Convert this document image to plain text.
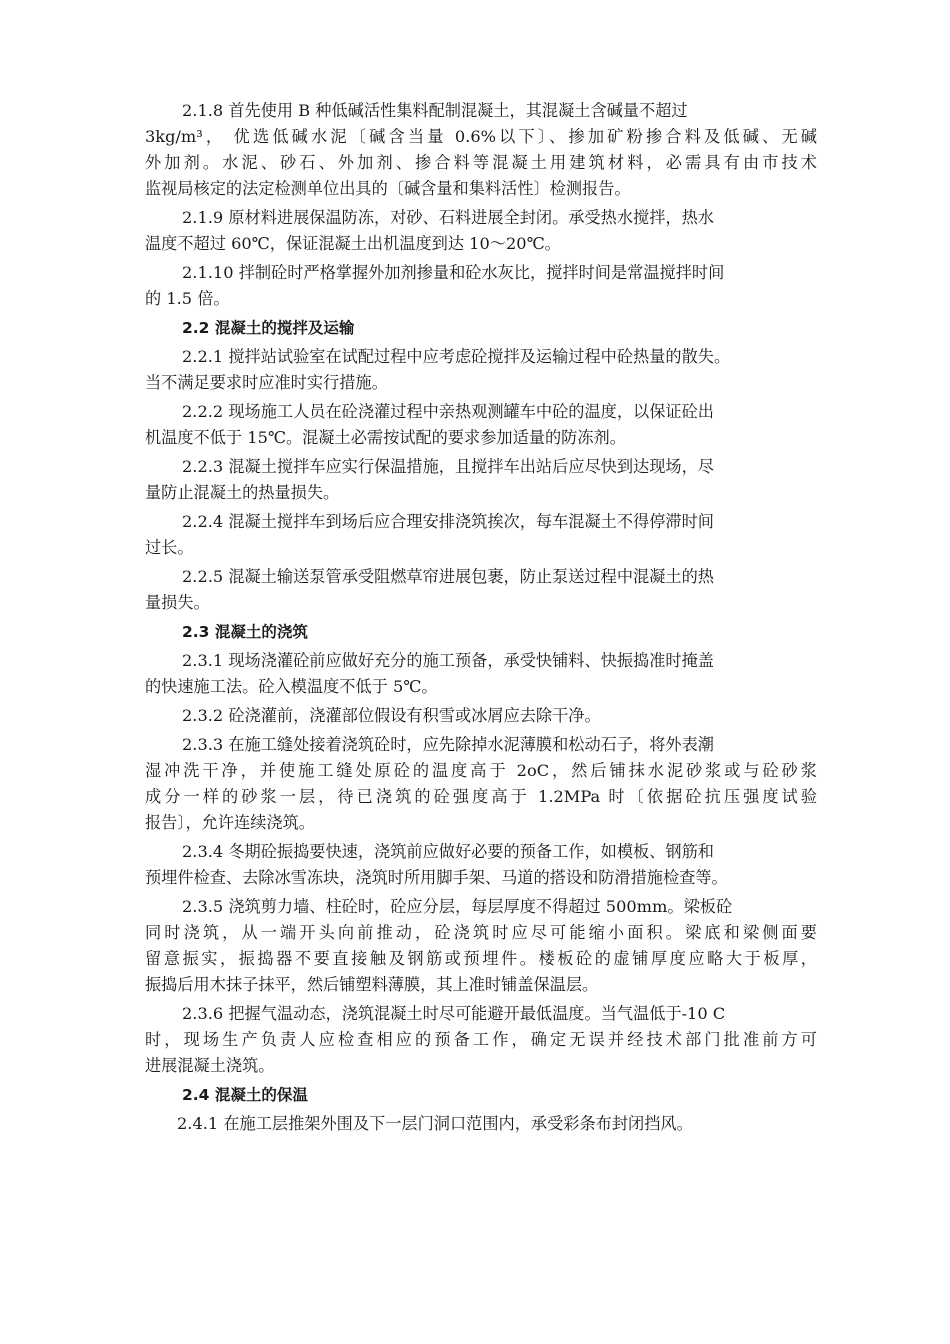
2.1.8 首先使用 B 种低碱活性集料配制混凝土，其混凝土含碱量不超过

3kg/m³， 优选低碱水泥〔碱含当量 0.6%以下〕、掺加矿粉掺合料及低碱、无碱

外加剂。水泥、砂石、外加剂、掺合料等混凝土用建筑材料，必需具有由市技术

监视局核定的法定检测单位出具的〔碱含量和集料活性〕检测报告。

2.1.9 原材料进展保温防冻，对砂、石料进展全封闭。承受热水搅拌，热水

温度不超过 60℃，保证混凝土出机温度到达 10～20℃。

2.1.10 拌制砼时严格掌握外加剂掺量和砼水灰比，搅拌时间是常温搅拌时间

的 1.5 倍。

2.2 混凝土的搅拌及运输

2.2.1 搅拌站试验室在试配过程中应考虑砼搅拌及运输过程中砼热量的散失。

当不满足要求时应准时实行措施。

2.2.2 现场施工人员在砼浇灌过程中亲热观测罐车中砼的温度，以保证砼出

机温度不低于 15℃。混凝土必需按试配的要求参加适量的防冻剂。

2.2.3 混凝土搅拌车应实行保温措施，且搅拌车出站后应尽快到达现场，尽

量防止混凝土的热量损失。

2.2.4 混凝土搅拌车到场后应合理安排浇筑挨次，每车混凝土不得停滞时间

过长。

2.2.5 混凝土输送泵管承受阻燃草帘进展包裹，防止泵送过程中混凝土的热

量损失。

2.3 混凝土的浇筑

2.3.1 现场浇灌砼前应做好充分的施工预备，承受快铺料、快振捣准时掩盖

的快速施工法。砼入模温度不低于 5℃。

2.3.2 砼浇灌前，浇灌部位假设有积雪或冰屑应去除干净。

2.3.3 在施工缝处接着浇筑砼时，应先除掉水泥薄膜和松动石子，将外表潮

湿冲洗干净，并使施工缝处原砼的温度高于 2oC，然后铺抹水泥砂浆或与砼砂浆

成分一样的砂浆一层，待已浇筑的砼强度高于 1.2MPa 时〔依据砼抗压强度试验

报告〕，允许连续浇筑。

2.3.4 冬期砼振捣要快速，浇筑前应做好必要的预备工作，如模板、钢筋和

预埋件检查、去除冰雪冻块，浇筑时所用脚手架、马道的搭设和防滑措施检查等。

2.3.5 浇筑剪力墙、柱砼时，砼应分层，每层厚度不得超过 500mm。梁板砼

同时浇筑，从一端开头向前推动，砼浇筑时应尽可能缩小面积。梁底和梁侧面要

留意振实，振捣器不要直接触及钢筋或预埋件。楼板砼的虚铺厚度应略大于板厚，

振捣后用木抹子抹平，然后铺塑料薄膜，其上准时铺盖保温层。

2.3.6 把握气温动态，浇筑混凝土时尽可能避开最低温度。当气温低于-10 C

时，现场生产负责人应检查相应的预备工作，确定无误并经技术部门批准前方可

进展混凝土浇筑。

2.4 混凝土的保温

2.4.1 在施工层推架外围及下一层门洞口范围内，承受彩条布封闭挡风。
